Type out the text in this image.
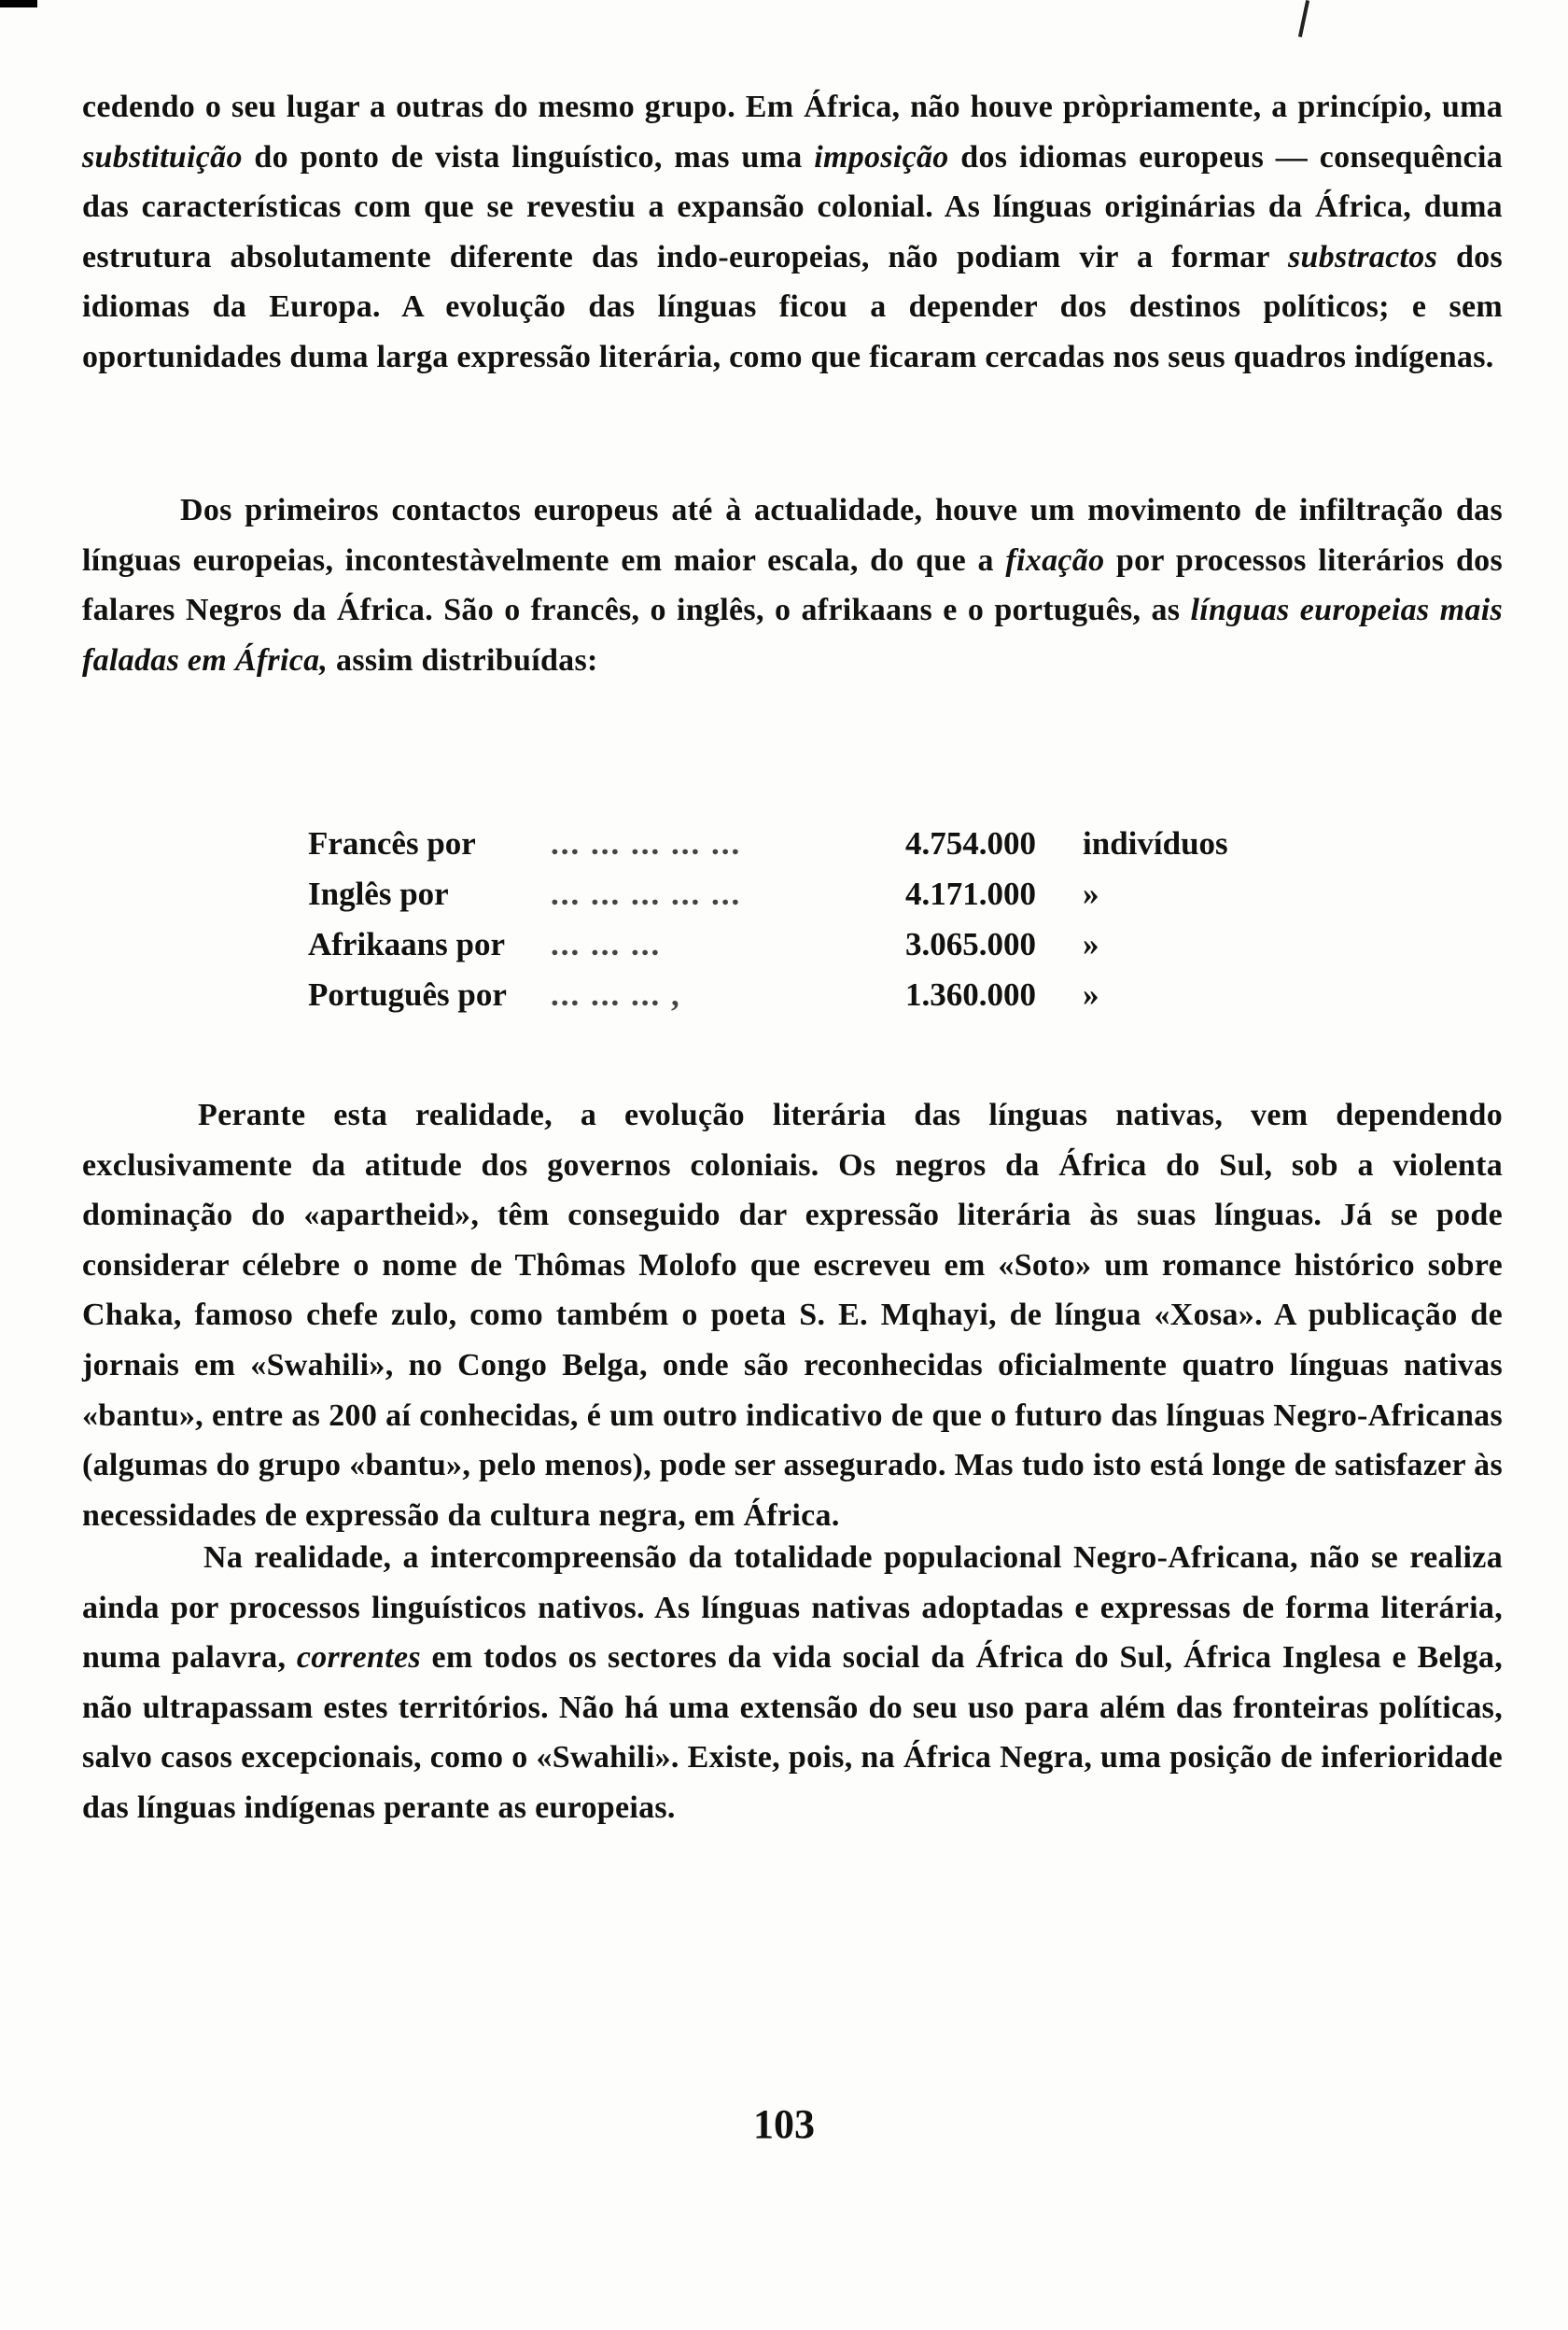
cedendo o seu lugar a outras do mesmo grupo. Em África, não houve pròpriamente, a princípio, uma substituição do ponto de vista linguístico, mas uma imposição dos idiomas europeus — consequência das características com que se revestiu a expansão colonial. As línguas originárias da África, duma estrutura absolutamente diferente das indo-europeias, não podiam vir a formar substractos dos idiomas da Europa. A evolução das línguas ficou a depender dos destinos políticos; e sem oportunidades duma larga expressão literária, como que ficaram cercadas nos seus quadros indígenas.

Dos primeiros contactos europeus até à actualidade, houve um movimento de infiltração das línguas europeias, incontestàvelmente em maior escala, do que a fixação por processos literários dos falares Negros da África. São o francês, o inglês, o afrikaans e o português, as línguas europeias mais faladas em África, assim distribuídas:

Francês por ... ... ... ... ...	4.754.000 indivíduos
Inglês por	... ... ... ... ...	4.171.000 »
Afrikaans por ... ... ...	3.065.000 »
Português por ... ... ... ,	1.360.000 »

Perante esta realidade, a evolução literária das línguas nativas, vem dependendo exclusivamente da atitude dos governos coloniais. Os negros da África do Sul, sob a violenta dominação do «apartheid», têm conseguido dar expressão literária às suas línguas. Já se pode considerar célebre o nome de Thômas Molofo que escreveu em «Soto» um romance histórico sobre Chaka, famoso chefe zulo, como também o poeta S. E. Mqhayi, de língua «Xosa». A publicação de jornais em «Swahili», no Congo Belga, onde são reconhecidas oficialmente quatro línguas nativas «bantu», entre as 200 aí conhecidas, é um outro indicativo de que o futuro das línguas Negro-Africanas (algumas do grupo «bantu», pelo menos), pode ser assegurado. Mas tudo isto está longe de satisfazer às necessidades de expressão da cultura negra, em África.

Na realidade, a intercompreensão da totalidade populacional Negro-Africana, não se realiza ainda por processos linguísticos nativos. As línguas nativas adoptadas e expressas de forma literária, numa palavra, correntes em todos os sectores da vida social da África do Sul, África Inglesa e Belga, não ultrapassam estes territórios. Não há uma extensão do seu uso para além das fronteiras políticas, salvo casos excepcionais, como o «Swahili». Existe, pois, na África Negra, uma posição de inferioridade das línguas indígenas perante as europeias.

103
